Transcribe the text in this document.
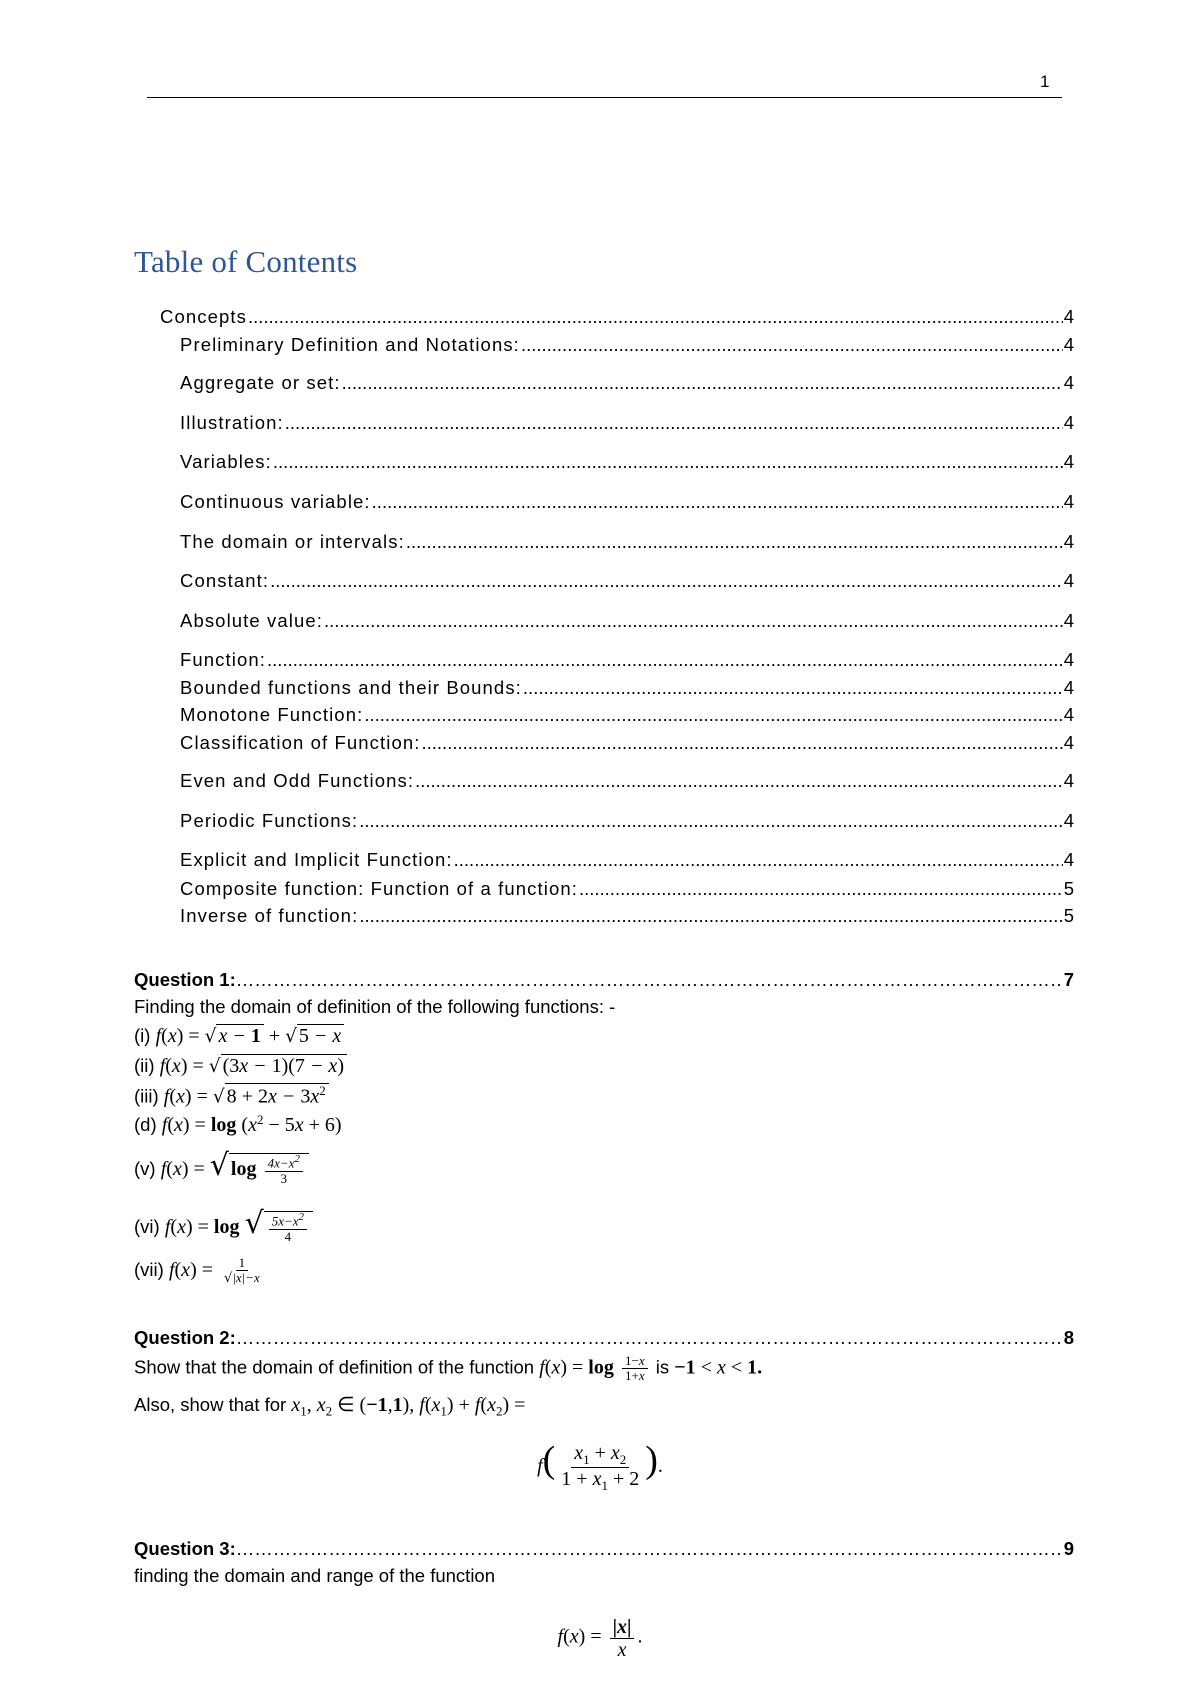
1
Table of Contents
Concepts .....	4
Preliminary Definition and Notations: .....	4
Aggregate or set: .....	4
Illustration: .....	4
Variables: .....	4
Continuous variable: .....	4
The domain or intervals: .....	4
Constant: .....	4
Absolute value: .....	4
Function: .....	4
Bounded functions and their Bounds: .....	4
Monotone Function: .....	4
Classification of Function: .....	4
Even and Odd Functions: .....	4
Periodic Functions: .....	4
Explicit and Implicit Function: .....	4
Composite function: Function of a function: .....	5
Inverse of function: .....	5
Question 1: ………………………………………………………………………………………………………………………………………………………………………………………………………………………………………………………	7
Finding the domain of definition of the following functions: -
(i) f(x) = √ x − 1 + √ 5 − x
(ii) f(x) = √ (3x − 1)(7 − x)
(iii) f(x) = √ $8 + 2x - 3x^2$
(d) $f(x) = \log (x^2 - 5x + 6)$
(v) f(x) = √ $\log \frac{4x-x^2}{3}$
(vi) f(x) = log √ $\frac{5x-x^2}{4}$
(vii) $f(x) = \frac{1}{√|x|-x}$
Question 2: ………………………………………………………………………………………………………………………………………………………………………………………………………………………………………………………	8
Show that the domain of definition of the function $f(x) = \log \frac{1-x}{1+x}$ is −1 < x < 1.
Also, show that for $x_1$, $x_2$ ∈ (−1,1), $f(x_1) + f(x_2)$ =
$f( \frac{x_1 + x_2}{1 + x_1 + 2}$ ).
Question 3: ………………………………………………………………………………………………………………………………………………………………………………………………………………………………………………………	9
finding the domain and range of the function
$f(x) = \frac{|x|}{x}$ .
